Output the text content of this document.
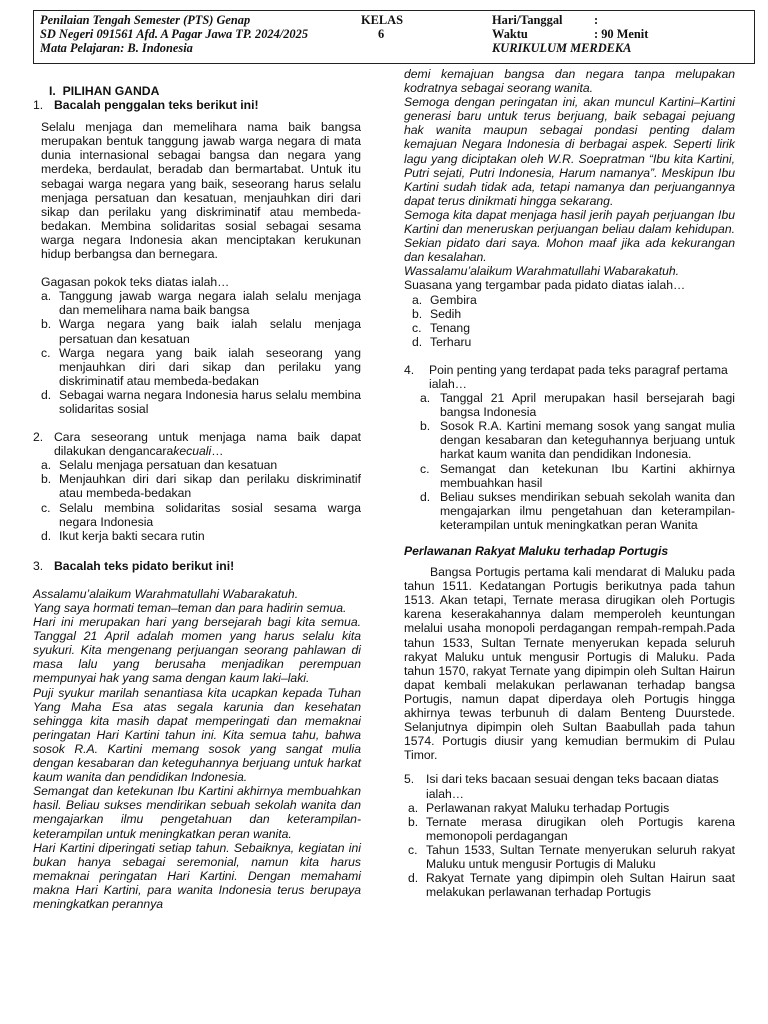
Penilaian Tengah Semester (PTS) Genap
SD Negeri 091561 Afd. A Pagar Jawa TP. 2024/2025
Mata Pelajaran: B. Indonesia
KELAS
6
Hari/Tanggal	:
Waktu	: 90 Menit
KURIKULUM MERDEKA
I. PILIHAN GANDA
1. Bacalah penggalan teks berikut ini!

Selalu menjaga dan memelihara nama baik bangsa merupakan bentuk tanggung jawab warga negara di mata dunia internasional sebagai bangsa dan negara yang merdeka, berdaulat, beradab dan bermartabat. Untuk itu sebagai warga negara yang baik, seseorang harus selalu menjaga persatuan dan kesatuan, menjauhkan diri dari sikap dan perilaku yang diskriminatif atau membeda-bedakan. Membina solidaritas sosial sebagai sesama warga negara Indonesia akan menciptakan kerukunan hidup berbangsa dan bernegara.

Gagasan pokok teks diatas ialah…

a. Tanggung jawab warga negara ialah selalu menjaga dan memelihara nama baik bangsa
b. Warga negara yang baik ialah selalu menjaga persatuan dan kesatuan
c. Warga negara yang baik ialah seseorang yang menjauhkan diri dari sikap dan perilaku yang diskriminatif atau membeda-bedakan
d. Sebagai warna negara Indonesia harus selalu membina solidaritas sosial
2. Cara seseorang untuk menjaga nama baik dapat dilakukan dengancarakecuali…
a. Selalu menjaga persatuan dan kesatuan
b. Menjauhkan diri dari sikap dan perilaku diskriminatif atau membeda-bedakan
c. Selalu membina solidaritas sosial sesama warga negara Indonesia
d. Ikut kerja bakti secara rutin
3. Bacalah teks pidato berikut ini!

Assalamu’alaikum Warahmatullahi Wabarakatuh.

Yang saya hormati teman–teman dan para hadirin semua.

Hari ini merupakan hari yang bersejarah bagi kita semua. Tanggal 21 April adalah momen yang harus selalu kita syukuri. Kita mengenang perjuangan seorang pahlawan di masa lalu yang berusaha menjadikan perempuan mempunyai hak yang sama dengan kaum laki–laki.

Puji syukur marilah senantiasa kita ucapkan kepada Tuhan Yang Maha Esa atas segala karunia dan kesehatan sehingga kita masih dapat memperingati dan memaknai peringatan Hari Kartini tahun ini. Kita semua tahu, bahwa sosok R.A. Kartini memang sosok yang sangat mulia dengan kesabaran dan keteguhannya berjuang untuk harkat kaum wanita dan pendidikan Indonesia.

Semangat dan ketekunan Ibu Kartini akhirnya membuahkan hasil. Beliau sukses mendirikan sebuah sekolah wanita dan mengajarkan ilmu pengetahuan dan keterampilan-keterampilan untuk meningkatkan peran wanita.

Hari Kartini diperingati setiap tahun. Sebaiknya, kegiatan ini bukan hanya sebagai seremonial, namun kita harus memaknai peringatan Hari Kartini. Dengan memahami makna Hari Kartini, para wanita Indonesia terus berupaya meningkatkan perannya

demi kemajuan bangsa dan negara tanpa melupakan kodratnya sebagai seorang wanita.

Semoga dengan peringatan ini, akan muncul Kartini–Kartini generasi baru untuk terus berjuang, baik sebagai pejuang hak wanita maupun sebagai pondasi penting dalam kemajuan Negara Indonesia di berbagai aspek. Seperti lirik lagu yang diciptakan oleh W.R. Soepratman “Ibu kita Kartini, Putri sejati, Putri Indonesia, Harum namanya”. Meskipun Ibu Kartini sudah tidak ada, tetapi namanya dan perjuangannya dapat terus dinikmati hingga sekarang.

Semoga kita dapat menjaga hasil jerih payah perjuangan Ibu Kartini dan meneruskan perjuangan beliau dalam kehidupan. Sekian pidato dari saya. Mohon maaf jika ada kekurangan dan kesalahan.

Wassalamu’alaikum Warahmatullahi Wabarakatuh.

Suasana yang tergambar pada pidato diatas ialah…

a. Gembira
b. Sedih
c. Tenang
d. Terharu
4. Poin penting yang terdapat pada teks paragraf pertama ialah…
a. Tanggal 21 April merupakan hasil bersejarah bagi bangsa Indonesia
b. Sosok R.A. Kartini memang sosok yang sangat mulia dengan kesabaran dan keteguhannya berjuang untuk harkat kaum wanita dan pendidikan Indonesia.
c. Semangat dan ketekunan Ibu Kartini akhirnya membuahkan hasil
d. Beliau sukses mendirikan sebuah sekolah wanita dan mengajarkan ilmu pengetahuan dan keterampilan-keterampilan untuk meningkatkan peran Wanita

Perlawanan Rakyat Maluku terhadap Portugis

Bangsa Portugis pertama kali mendarat di Maluku pada tahun 1511. Kedatangan Portugis berikutnya pada tahun 1513. Akan tetapi, Ternate merasa dirugikan oleh Portugis karena keserakahannya dalam memperoleh keuntungan melalui usaha monopoli perdagangan rempah-rempah.Pada tahun 1533, Sultan Ternate menyerukan kepada seluruh rakyat Maluku untuk mengusir Portugis di Maluku. Pada tahun 1570, rakyat Ternate yang dipimpin oleh Sultan Hairun dapat kembali melakukan perlawanan terhadap bangsa Portugis, namun dapat diperdaya oleh Portugis hingga akhirnya tewas terbunuh di dalam Benteng Duurstede. Selanjutnya dipimpin oleh Sultan Baabullah pada tahun 1574. Portugis diusir yang kemudian bermukim di Pulau Timor.

5. Isi dari teks bacaan sesuai dengan teks bacaan diatas ialah…
a. Perlawanan rakyat Maluku terhadap Portugis
b. Ternate merasa dirugikan oleh Portugis karena memonopoli perdagangan
c. Tahun 1533, Sultan Ternate menyerukan seluruh rakyat Maluku untuk mengusir Portugis di Maluku
d. Rakyat Ternate yang dipimpin oleh Sultan Hairun saat melakukan perlawanan terhadap Portugis
